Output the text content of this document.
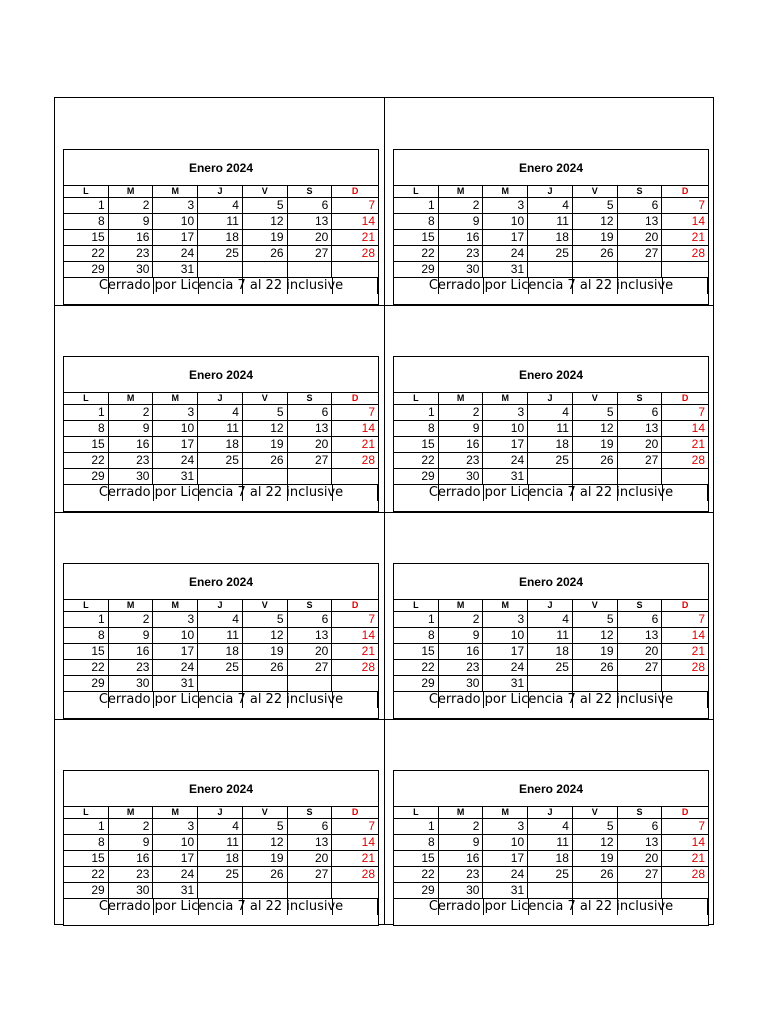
Enero 2024
L	M	M	J	V	S	D
1	2	3	4	5	6	7
8	9	10	11	12	13	14
15	16	17	18	19	20	21
22	23	24	25	26	27	28
29	30	31
Cerrado por Licencia 7 al 22 inclusive
Enero 2024
L	M	M	J	V	S	D
1	2	3	4	5	6	7
8	9	10	11	12	13	14
15	16	17	18	19	20	21
22	23	24	25	26	27	28
29	30	31
Cerrado por Licencia 7 al 22 inclusive
Enero 2024
L	M	M	J	V	S	D
1	2	3	4	5	6	7
8	9	10	11	12	13	14
15	16	17	18	19	20	21
22	23	24	25	26	27	28
29	30	31
Cerrado por Licencia 7 al 22 inclusive
Enero 2024
L	M	M	J	V	S	D
1	2	3	4	5	6	7
8	9	10	11	12	13	14
15	16	17	18	19	20	21
22	23	24	25	26	27	28
29	30	31
Cerrado por Licencia 7 al 22 inclusive
Enero 2024
L	M	M	J	V	S	D
1	2	3	4	5	6	7
8	9	10	11	12	13	14
15	16	17	18	19	20	21
22	23	24	25	26	27	28
29	30	31
Cerrado por Licencia 7 al 22 inclusive
Enero 2024
L	M	M	J	V	S	D
1	2	3	4	5	6	7
8	9	10	11	12	13	14
15	16	17	18	19	20	21
22	23	24	25	26	27	28
29	30	31
Cerrado por Licencia 7 al 22 inclusive
Enero 2024
L	M	M	J	V	S	D
1	2	3	4	5	6	7
8	9	10	11	12	13	14
15	16	17	18	19	20	21
22	23	24	25	26	27	28
29	30	31
Cerrado por Licencia 7 al 22 inclusive
Enero 2024
L	M	M	J	V	S	D
1	2	3	4	5	6	7
8	9	10	11	12	13	14
15	16	17	18	19	20	21
22	23	24	25	26	27	28
29	30	31
Cerrado por Licencia 7 al 22 inclusive
